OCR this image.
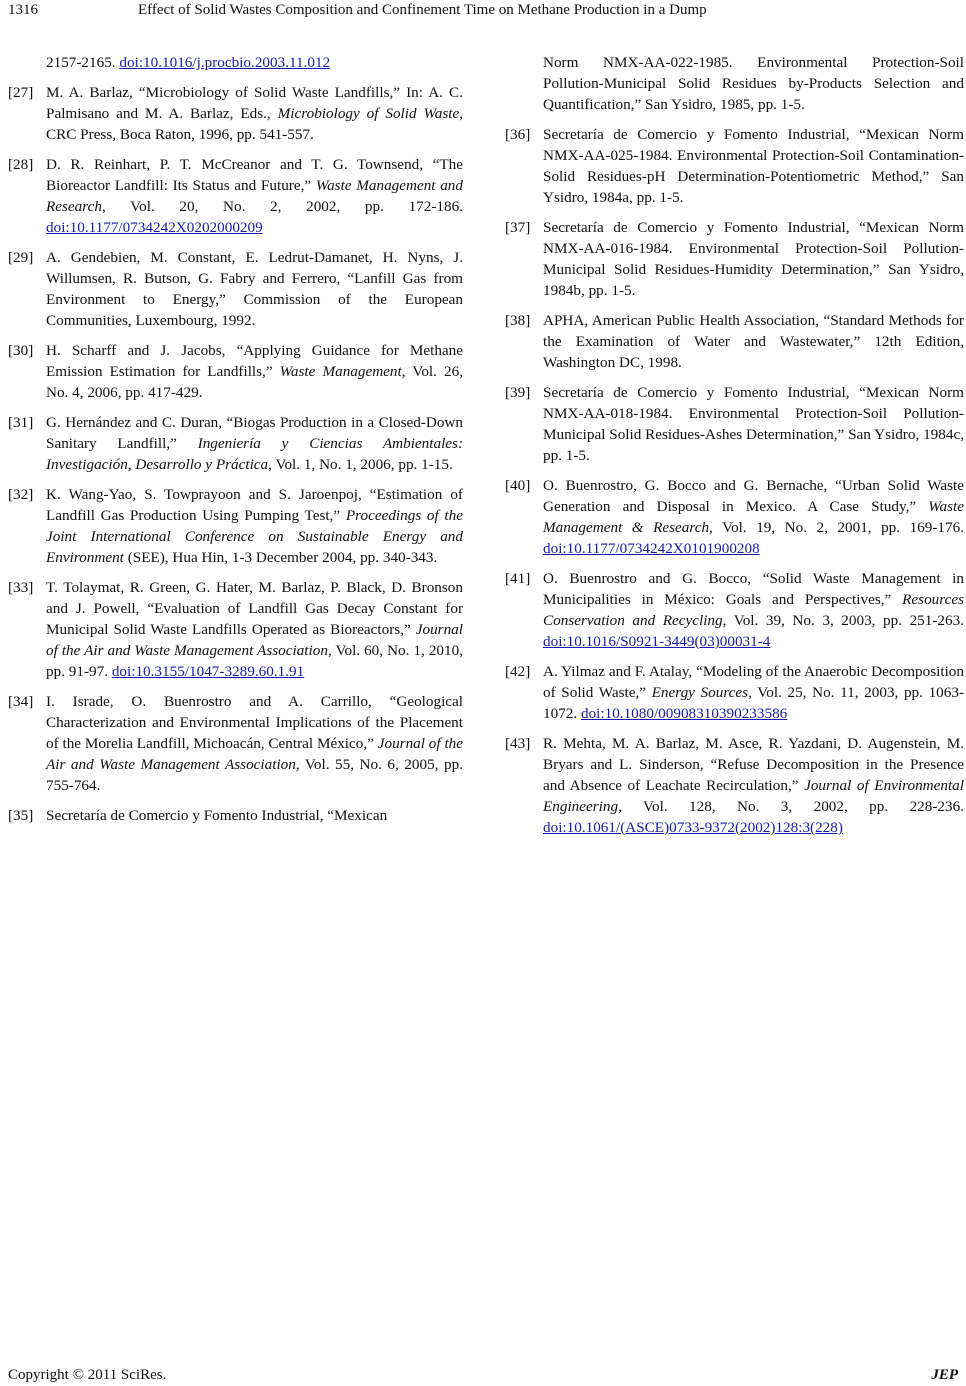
1316	Effect of Solid Wastes Composition and Confinement Time on Methane Production in a Dump
2157-2165. doi:10.1016/j.procbio.2003.11.012
[27] M. A. Barlaz, “Microbiology of Solid Waste Landfills,” In: A. C. Palmisano and M. A. Barlaz, Eds., Microbiology of Solid Waste, CRC Press, Boca Raton, 1996, pp. 541-557.
[28] D. R. Reinhart, P. T. McCreanor and T. G. Townsend, “The Bioreactor Landfill: Its Status and Future,” Waste Management and Research, Vol. 20, No. 2, 2002, pp. 172-186. doi:10.1177/0734242X0202000209
[29] A. Gendebien, M. Constant, E. Ledrut-Damanet, H. Nyns, J. Willumsen, R. Butson, G. Fabry and Ferrero, “Lanfill Gas from Environment to Energy,” Commission of the European Communities, Luxembourg, 1992.
[30] H. Scharff and J. Jacobs, “Applying Guidance for Methane Emission Estimation for Landfills,” Waste Management, Vol. 26, No. 4, 2006, pp. 417-429.
[31] G. Hernández and C. Duran, “Biogas Production in a Closed-Down Sanitary Landfill,” Ingeniería y Ciencias Ambientales: Investigación, Desarrollo y Práctica, Vol. 1, No. 1, 2006, pp. 1-15.
[32] K. Wang-Yao, S. Towprayoon and S. Jaroenpoj, “Estimation of Landfill Gas Production Using Pumping Test,” Proceedings of the Joint International Conference on Sustainable Energy and Environment (SEE), Hua Hin, 1-3 December 2004, pp. 340-343.
[33] T. Tolaymat, R. Green, G. Hater, M. Barlaz, P. Black, D. Bronson and J. Powell, “Evaluation of Landfill Gas Decay Constant for Municipal Solid Waste Landfills Operated as Bioreactors,” Journal of the Air and Waste Management Association, Vol. 60, No. 1, 2010, pp. 91-97. doi:10.3155/1047-3289.60.1.91
[34] I. Israde, O. Buenrostro and A. Carrillo, “Geological Characterization and Environmental Implications of the Placement of the Morelia Landfill, Michoacán, Central México,” Journal of the Air and Waste Management Association, Vol. 55, No. 6, 2005, pp. 755-764.
[35] Secretaría de Comercio y Fomento Industrial, “Mexican
Norm NMX-AA-022-1985. Environmental Protection-Soil Pollution-Municipal Solid Residues by-Products Selection and Quantification,” San Ysidro, 1985, pp. 1-5.
[36] Secretaría de Comercio y Fomento Industrial, “Mexican Norm NMX-AA-025-1984. Environmental Protection-Soil Contamination-Solid Residues-pH Determination-Potentiometric Method,” San Ysidro, 1984a, pp. 1-5.
[37] Secretaría de Comercio y Fomento Industrial, “Mexican Norm NMX-AA-016-1984. Environmental Protection-Soil Pollution-Municipal Solid Residues-Humidity Determination,” San Ysidro, 1984b, pp. 1-5.
[38] APHA, American Public Health Association, “Standard Methods for the Examination of Water and Wastewater,” 12th Edition, Washington DC, 1998.
[39] Secretaría de Comercio y Fomento Industrial, “Mexican Norm NMX-AA-018-1984. Environmental Protection-Soil Pollution-Municipal Solid Residues-Ashes Determination,” San Ysidro, 1984c, pp. 1-5.
[40] O. Buenrostro, G. Bocco and G. Bernache, “Urban Solid Waste Generation and Disposal in Mexico. A Case Study,” Waste Management & Research, Vol. 19, No. 2, 2001, pp. 169-176. doi:10.1177/0734242X0101900208
[41] O. Buenrostro and G. Bocco, “Solid Waste Management in Municipalities in México: Goals and Perspectives,” Resources Conservation and Recycling, Vol. 39, No. 3, 2003, pp. 251-263. doi:10.1016/S0921-3449(03)00031-4
[42] A. Yilmaz and F. Atalay, “Modeling of the Anaerobic Decomposition of Solid Waste,” Energy Sources, Vol. 25, No. 11, 2003, pp. 1063-1072. doi:10.1080/00908310390233586
[43] R. Mehta, M. A. Barlaz, M. Asce, R. Yazdani, D. Augenstein, M. Bryars and L. Sinderson, “Refuse Decomposition in the Presence and Absence of Leachate Recirculation,” Journal of Environmental Engineering, Vol. 128, No. 3, 2002, pp. 228-236. doi:10.1061/(ASCE)0733-9372(2002)128:3(228)
Copyright © 2011 SciRes.	JEP
